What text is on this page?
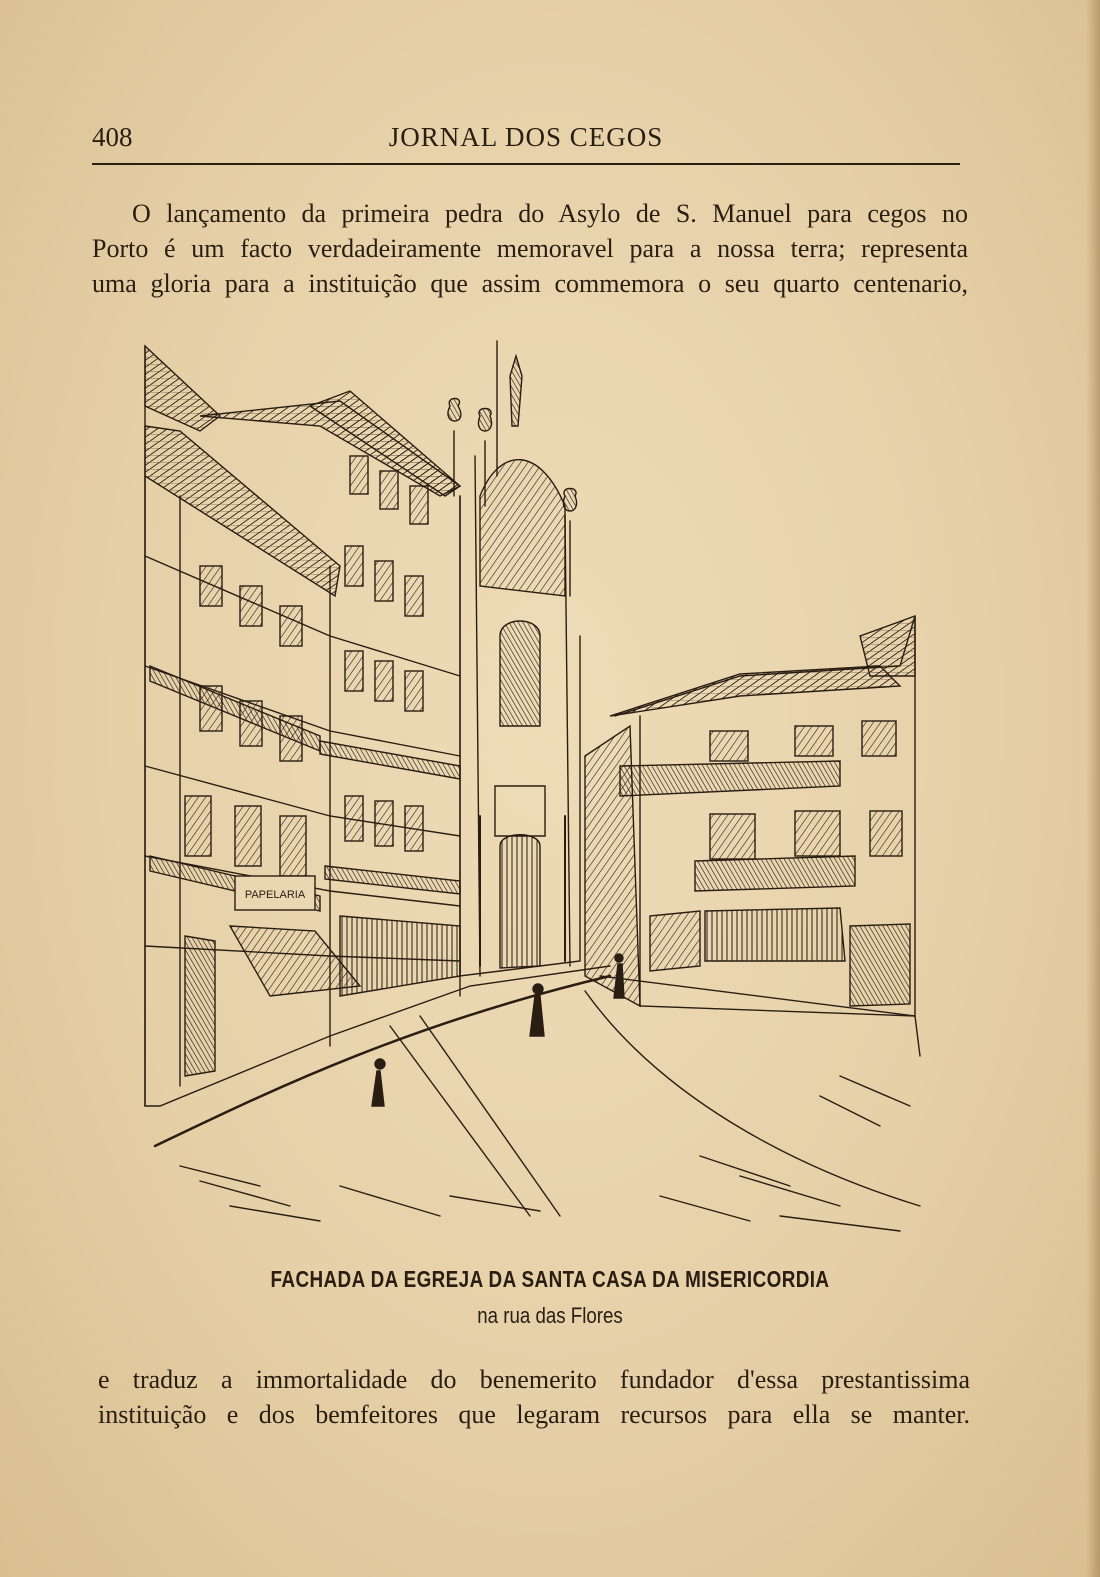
408	JORNAL DOS CEGOS
O lançamento da primeira pedra do Asylo de S. Manuel para cegos no
Porto é um facto verdadeiramente memoravel para a nossa terra; representa
uma gloria para a instituição que assim commemora o seu quarto centenario,
PAPELARIA
FACHADA DA EGREJA DA SANTA CASA DA MISERICORDIA
na rua das Flores
e traduz a immortalidade do benemerito fundador d'essa prestantissima
instituição e dos bemfeitores que legaram recursos para ella se manter.
